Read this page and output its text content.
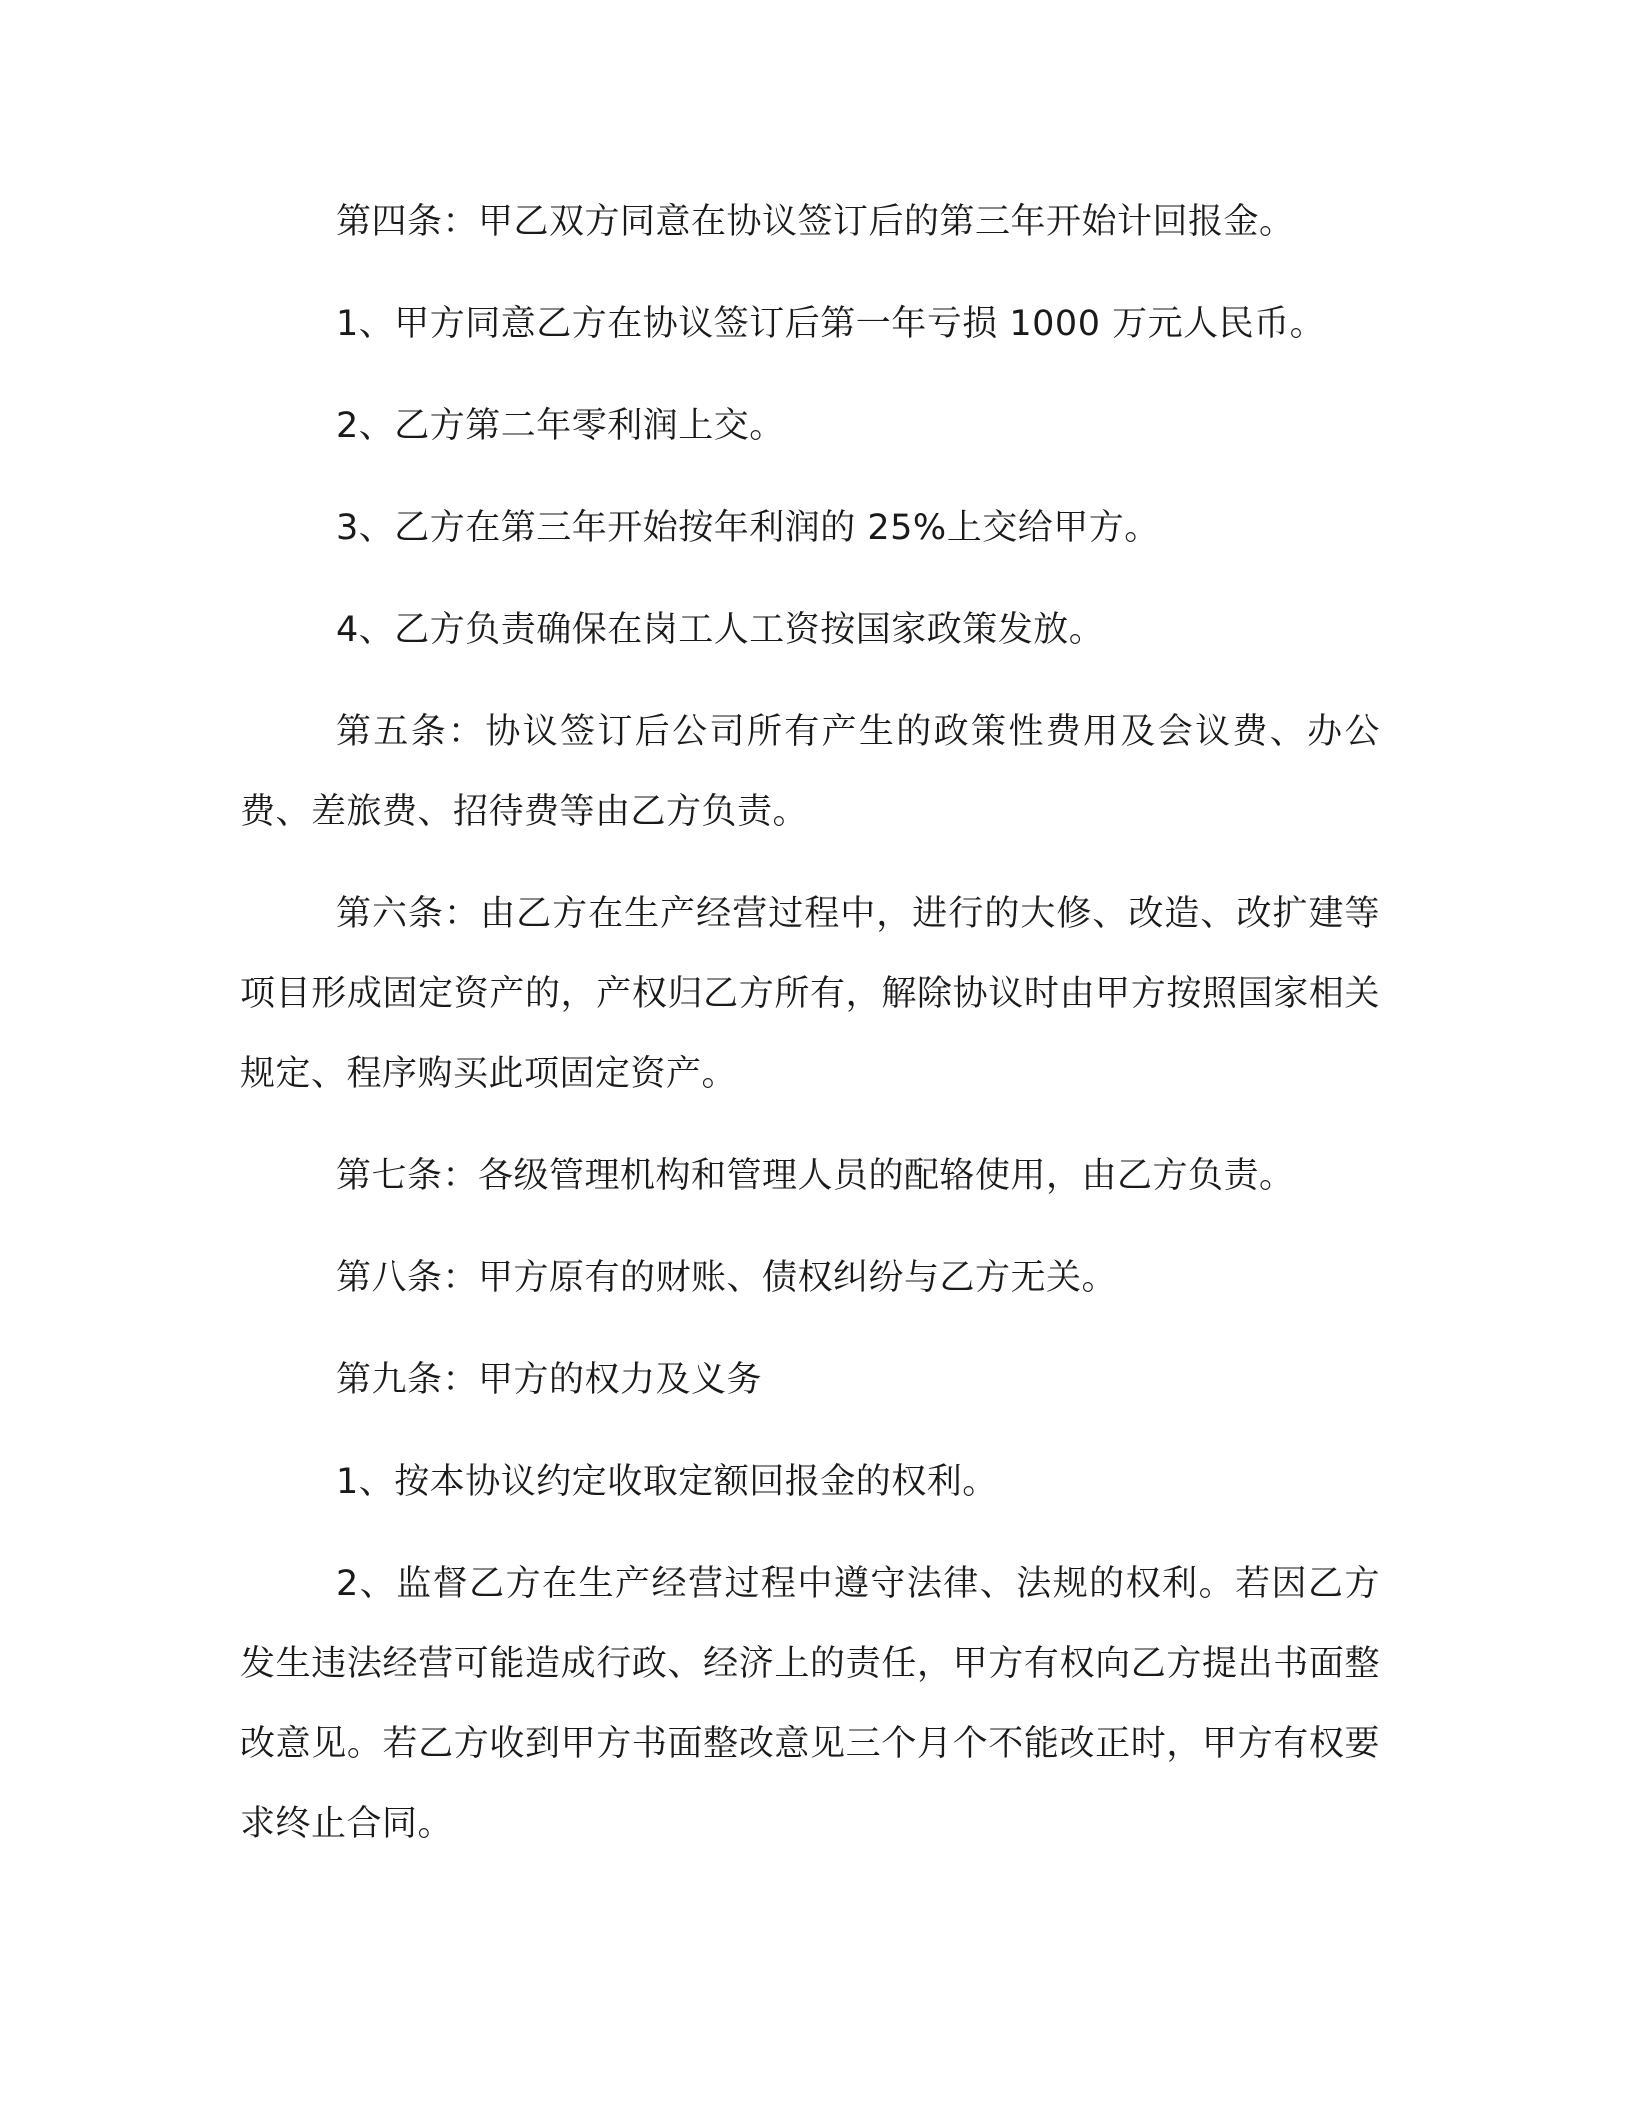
第四条：甲乙双方同意在协议签订后的第三年开始计回报金。

1、甲方同意乙方在协议签订后第一年亏损 1000 万元人民币。

2、乙方第二年零利润上交。

3、乙方在第三年开始按年利润的 25%上交给甲方。

4、乙方负责确保在岗工人工资按国家政策发放。

第五条：协议签订后公司所有产生的政策性费用及会议费、办公费、差旅费、招待费等由乙方负责。

第六条：由乙方在生产经营过程中，进行的大修、改造、改扩建等项目形成固定资产的，产权归乙方所有，解除协议时由甲方按照国家相关规定、程序购买此项固定资产。

第七条：各级管理机构和管理人员的配辂使用，由乙方负责。

第八条：甲方原有的财账、债权纠纷与乙方无关。

第九条：甲方的权力及义务

1、按本协议约定收取定额回报金的权利。

2、监督乙方在生产经营过程中遵守法律、法规的权利。若因乙方发生违法经营可能造成行政、经济上的责任，甲方有权向乙方提出书面整改意见。若乙方收到甲方书面整改意见三个月个不能改正时，甲方有权要求终止合同。
